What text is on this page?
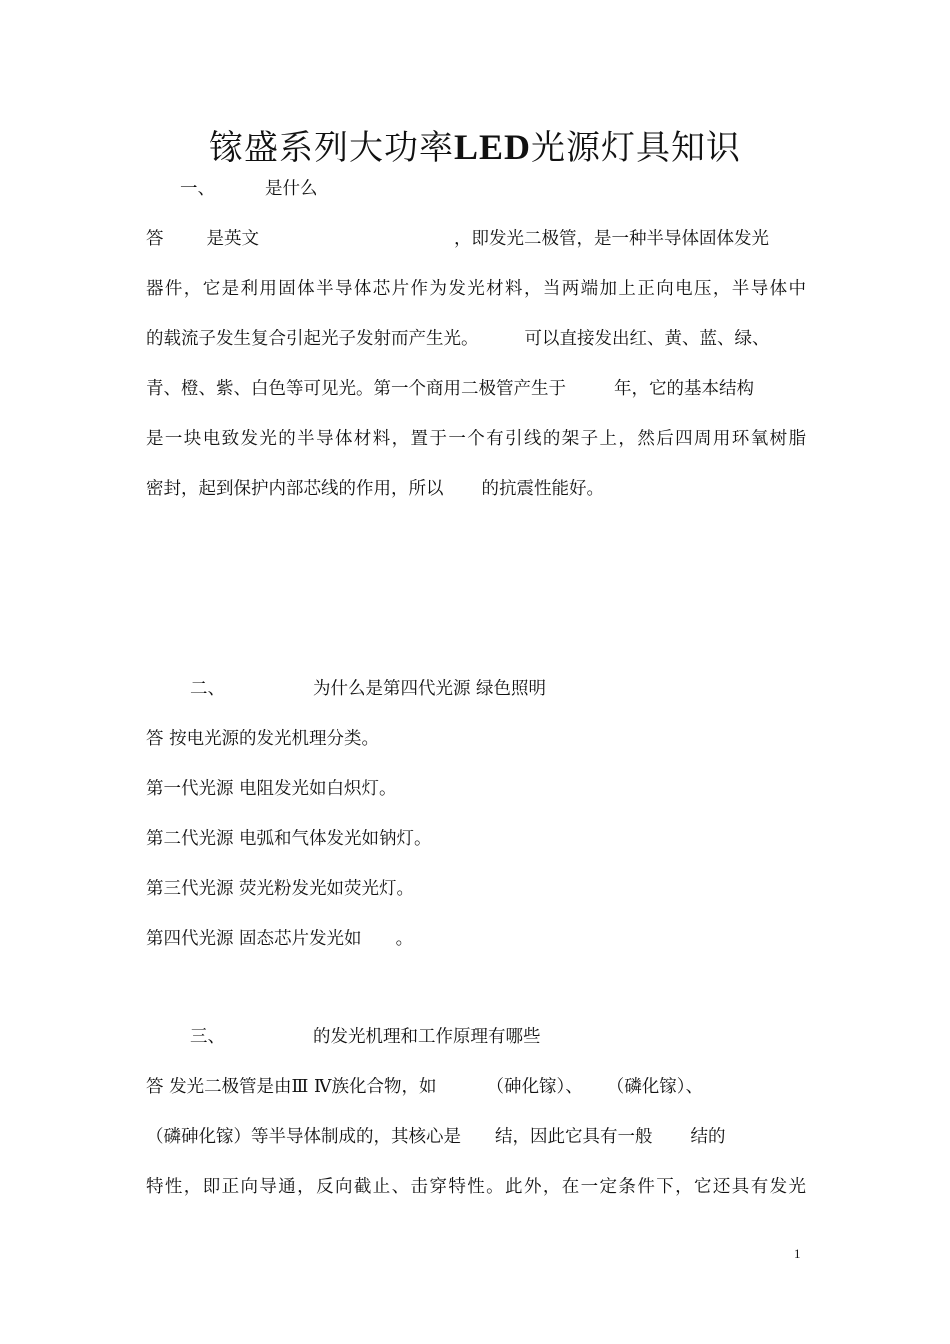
镓盛系列大功率LED光源灯具知识
一、	是什么
答 是英文	，即发光二极管，是一种半导体固体发光
器件，它是利用固体半导体芯片作为发光材料，当两端加上正向电压，半导体中
的载流子发生复合引起光子发射而产生光。	可以直接发出红、黄、蓝、绿、
青、橙、紫、白色等可见光。第一个商用二极管产生于	年，它的基本结构
是一块电致发光的半导体材料，置于一个有引线的架子上，然后四周用环氧树脂
密封，起到保护内部芯线的作用，所以 的抗震性能好。
二、	为什么是第四代光源 绿色照明
答 按电光源的发光机理分类。
第一代光源 电阻发光如白炽灯。
第二代光源 电弧和气体发光如钠灯。
第三代光源 荧光粉发光如荧光灯。
第四代光源 固态芯片发光如 。
三、	的发光机理和工作原理有哪些
答 发光二极管是由Ⅲ Ⅳ族化合物，如	（砷化镓）、 （磷化镓）、
（磷砷化镓）等半导体制成的，其核心是 结，因此它具有一般 结的
特性，即正向导通，反向截止、击穿特性。此外，在一定条件下，它还具有发光
1
